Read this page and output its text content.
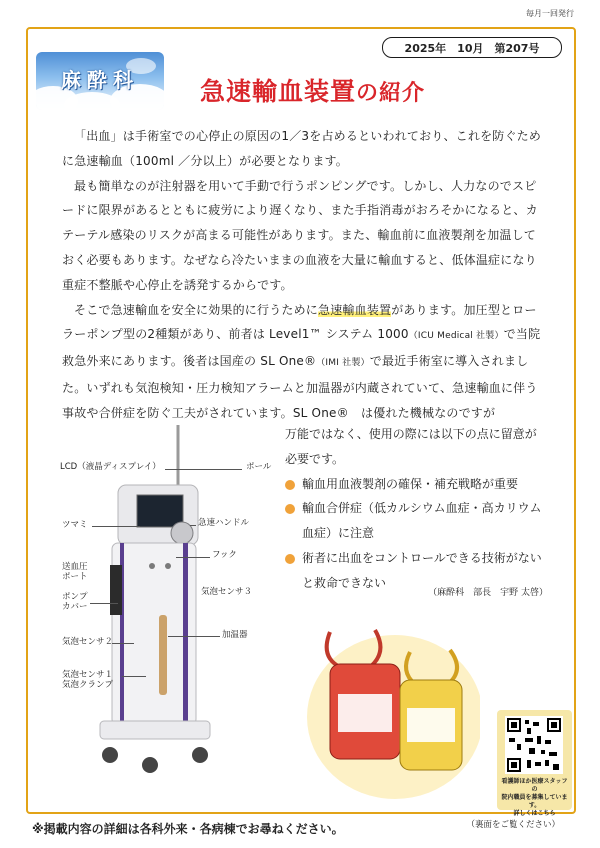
毎月一回発行
2025年　10月　第207号
麻酔科	急速輸血装置の紹介

「出血」は手術室での心停止の原因の1／3を占めるといわれており、これを防ぐために急速輸血（100ml ／分以上）が必要となります。

最も簡単なのが注射器を用いて手動で行うポンピングです。しかし、人力なのでスピードに限界があるとともに疲労により遅くなり、また手指消毒がおろそかになると、カテーテル感染のリスクが高まる可能性があります。また、輸血前に血液製剤を加温しておく必要もあります。なぜなら冷たいままの血液を大量に輸血すると、低体温症になり重症不整脈や心停止を誘発するからです。

そこで急速輸血を安全に効果的に行うために急速輸血装置があります。加圧型とローラーポンプ型の2種類があり、前者は Level1™ システム 1000（ICU Medical 社製）で当院救急外来にあります。後者は国産の SL One®（IMI 社製）で最近手術室に導入されました。いずれも気泡検知・圧力検知アラームと加温器が内蔵されていて、急速輸血に伴う事故や合併症を防ぐ工夫がされています。SL One®　は優れた機械なのですが

LCD（液晶ディスプレイ）	ポール
ツマミ	急速ハンドル
送血圧
ポート
フック
気泡センサ３
ポンプ
カバー
気泡センサ２
加温器
気泡センサ１
気泡クランプ

万能ではなく、使用の際には以下の点に留意が必要です。

輸血用血液製剤の確保・補充戦略が重要
輸血合併症（低カルシウム血症・高カリウム血症）に注意
術者に出血をコントロールできる技術がないと救命できない
（麻酔科　部長　宇野 太啓）
看護師ほか医療スタッフの
院内職員を募集しています。
詳しくはこちら
※掲載内容の詳細は各科外来・各病棟でお尋ねください。	（裏面をご覧ください）
